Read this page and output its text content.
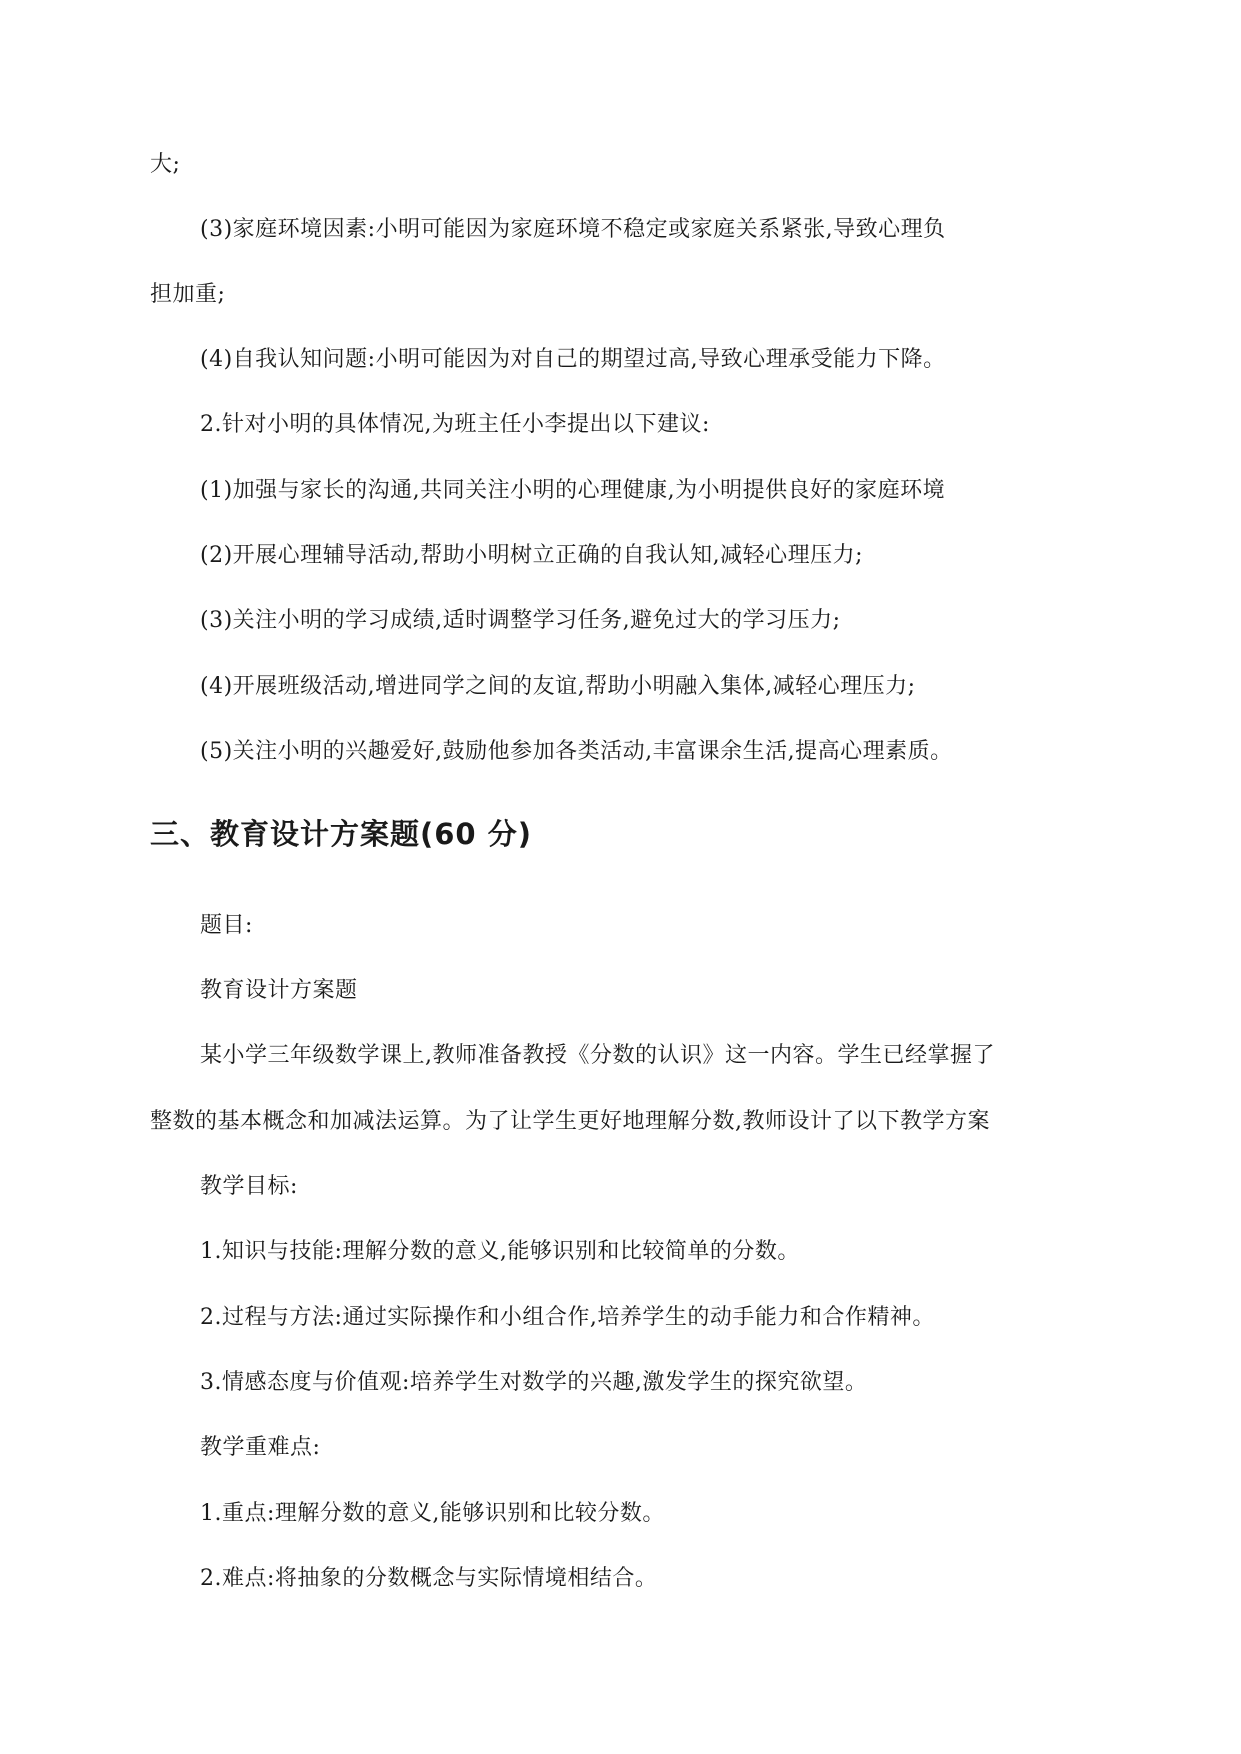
大;
(3)家庭环境因素:小明可能因为家庭环境不稳定或家庭关系紧张,导致心理负
担加重;
(4)自我认知问题:小明可能因为对自己的期望过高,导致心理承受能力下降。
2.针对小明的具体情况,为班主任小李提出以下建议:
(1)加强与家长的沟通,共同关注小明的心理健康,为小明提供良好的家庭环境
(2)开展心理辅导活动,帮助小明树立正确的自我认知,减轻心理压力;
(3)关注小明的学习成绩,适时调整学习任务,避免过大的学习压力;
(4)开展班级活动,增进同学之间的友谊,帮助小明融入集体,减轻心理压力;
(5)关注小明的兴趣爱好,鼓励他参加各类活动,丰富课余生活,提高心理素质。
三、教育设计方案题(60 分)
题目:
教育设计方案题
某小学三年级数学课上,教师准备教授《分数的认识》这一内容。学生已经掌握了
整数的基本概念和加减法运算。为了让学生更好地理解分数,教师设计了以下教学方案
教学目标:
1.知识与技能:理解分数的意义,能够识别和比较简单的分数。
2.过程与方法:通过实际操作和小组合作,培养学生的动手能力和合作精神。
3.情感态度与价值观:培养学生对数学的兴趣,激发学生的探究欲望。
教学重难点:
1.重点:理解分数的意义,能够识别和比较分数。
2.难点:将抽象的分数概念与实际情境相结合。
